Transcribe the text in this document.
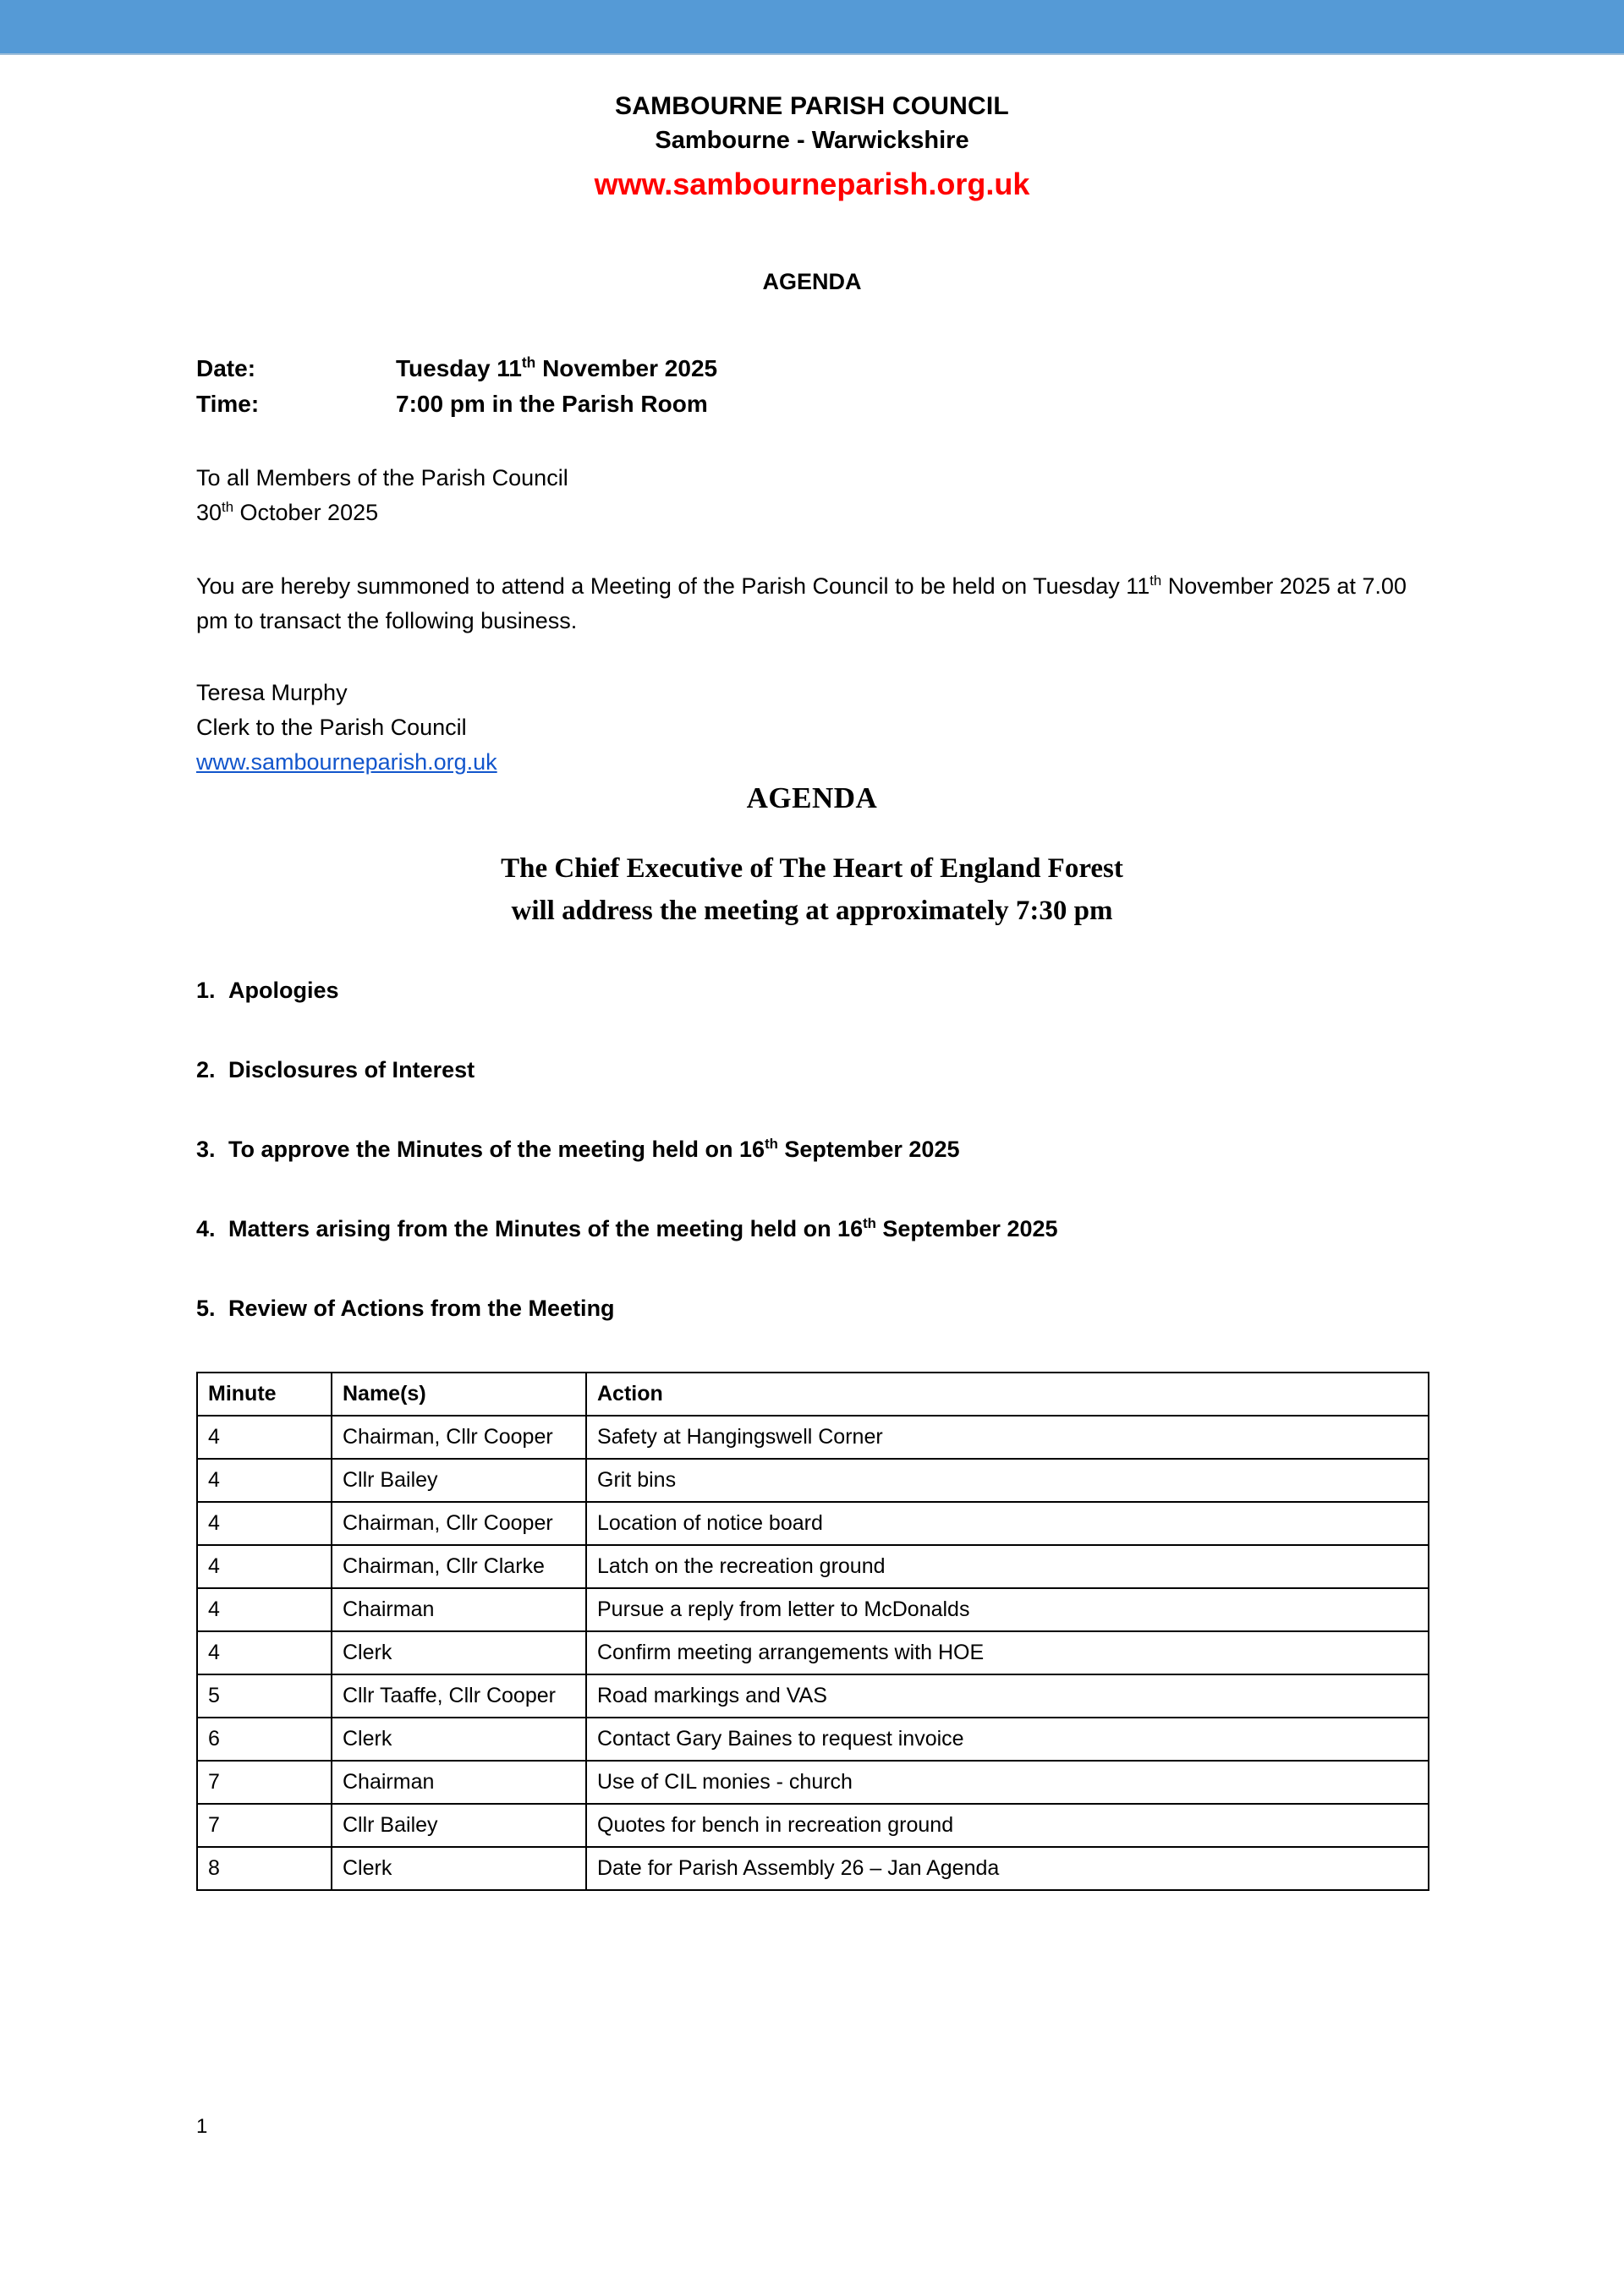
SAMBOURNE PARISH COUNCIL
Sambourne - Warwickshire
www.sambourneparish.org.uk
AGENDA
Date:	Tuesday 11th November 2025
Time:	7:00 pm in the Parish Room
To all Members of the Parish Council
30th October 2025
You are hereby summoned to attend a Meeting of the Parish Council to be held on Tuesday 11th November 2025 at 7.00 pm to transact the following business.
Teresa Murphy
Clerk to the Parish Council
www.sambourneparish.org.uk
AGENDA
The Chief Executive of The Heart of England Forest
will address the meeting at approximately 7:30 pm
1. Apologies
2. Disclosures of Interest
3. To approve the Minutes of the meeting held on 16th September 2025
4. Matters arising from the Minutes of the meeting held on 16th September 2025
5. Review of Actions from the Meeting
Minute	Name(s)	Action
4	Chairman, Cllr Cooper	Safety at Hangingswell Corner
4	Cllr Bailey	Grit bins
4	Chairman, Cllr Cooper	Location of notice board
4	Chairman, Cllr Clarke	Latch on the recreation ground
4	Chairman	Pursue a reply from letter to McDonalds
4	Clerk	Confirm meeting arrangements with HOE
5	Cllr Taaffe, Cllr Cooper	Road markings and VAS
6	Clerk	Contact Gary Baines to request invoice
7	Chairman	Use of CIL monies - church
7	Cllr Bailey	Quotes for bench in recreation ground
8	Clerk	Date for Parish Assembly 26 – Jan Agenda
1
